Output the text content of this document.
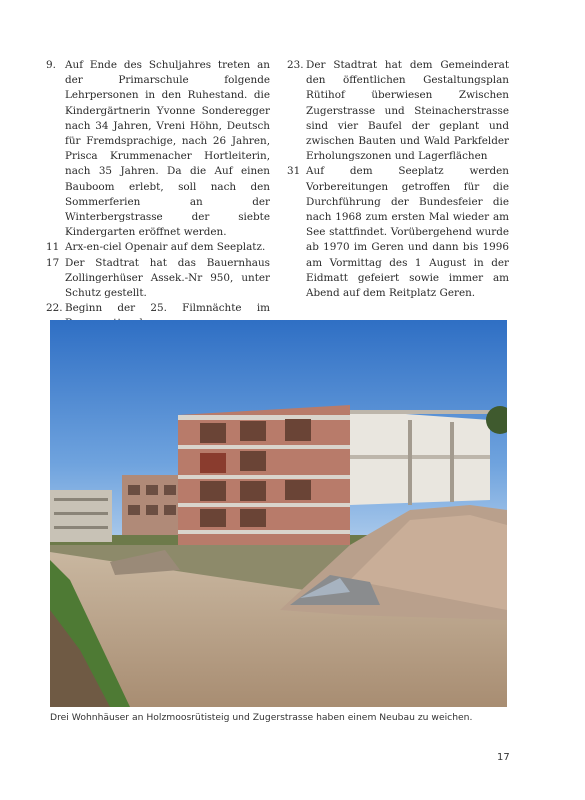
9. Auf Ende des Schuljahres treten an der Primarschule folgende Lehrpersonen in den Ruhestand. die Kindergärtnerin Yvonne Sonderegger nach 34 Jahren, Vreni Höhn, Deutsch für Fremdsprachige, nach 26 Jahren, Prisca Krummenacher Hortleiterin, nach 35 Jahren. Da die Auf einen Bauboom erlebt, soll nach den Sommerferien an der Winterbergstrasse der siebte Kindergarten eröffnet werden.
11 Arx-en-ciel Openair auf dem Seeplatz.
17 Der Stadtrat hat das Bauernhaus Zollingerhüser Assek.-Nr 950, unter Schutz gestellt.
22. Beginn der 25. Filmnächte im
23. Der Stadtrat hat dem Gemeinderat den öffentlichen Gestaltungsplan Rütihof überwiesen Zwischen Zugerstrasse und Steinacherstrasse sind vier Baufel der geplant und zwischen Bauten und Wald Parkfelder Erholungszonen und Lagerflächen
31 Auf dem Seeplatz werden Vorbereitungen getroffen für die Durchführung der Bundesfeier die nach 1968 zum ersten Mal wieder am See stattfindet. Vorübergehend wurde ab 1970 im Geren und dann bis 1996 am Vormittag des 1 August in der Eidmatt gefeiert sowie immer am Abend auf dem Reitplatz Geren.
Drei Wohnhäuser an Holzmoosrütisteig und Zugerstrasse haben einem Neubau zu weichen.
17
